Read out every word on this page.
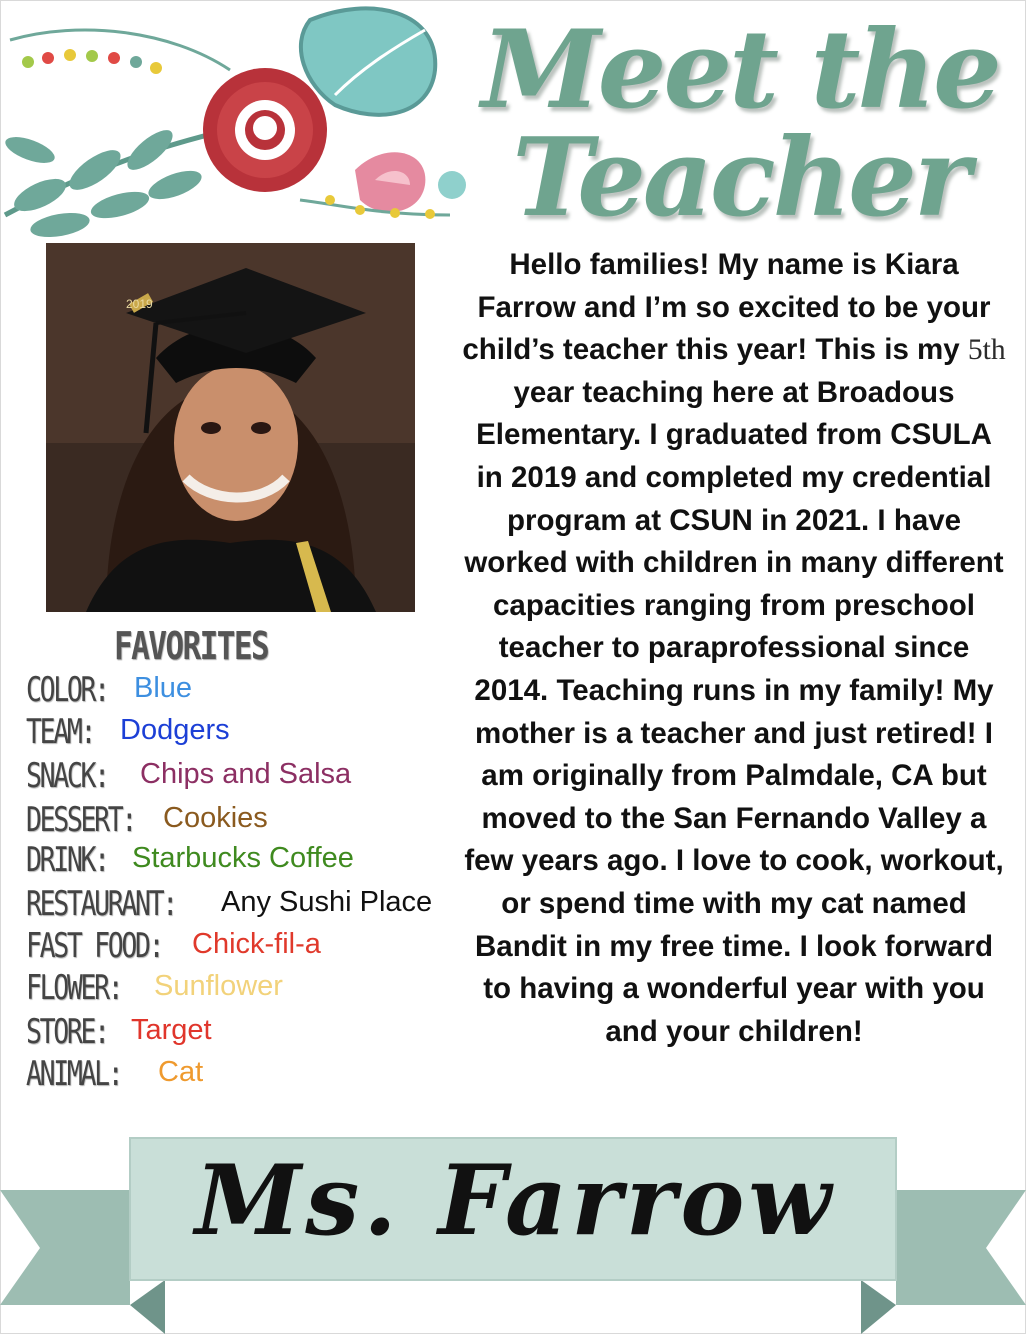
Meet the
Teacher
2019
FAVORITES
COLOR: Blue
TEAM: Dodgers
SNACK: Chips and Salsa
DESSERT: Cookies
DRINK: Starbucks Coffee
RESTAURANT: Any Sushi Place
FAST FOOD: Chick-fil-a
FLOWER: Sunflower
STORE: Target
ANIMAL: Cat
Hello families! My name is Kiara Farrow and I’m so excited to be your child’s teacher this year! This is my 5th year teaching here at Broadous Elementary. I graduated from CSULA in 2019 and completed my credential program at CSUN in 2021. I have worked with children in many different capacities ranging from preschool teacher to paraprofessional since 2014. Teaching runs in my family! My mother is a teacher and just retired! I am originally from Palmdale, CA but moved to the San Fernando Valley a few years ago. I love to cook, workout, or spend time with my cat named Bandit in my free time. I look forward to having a wonderful year with you and your children!
Ms. Farrow
